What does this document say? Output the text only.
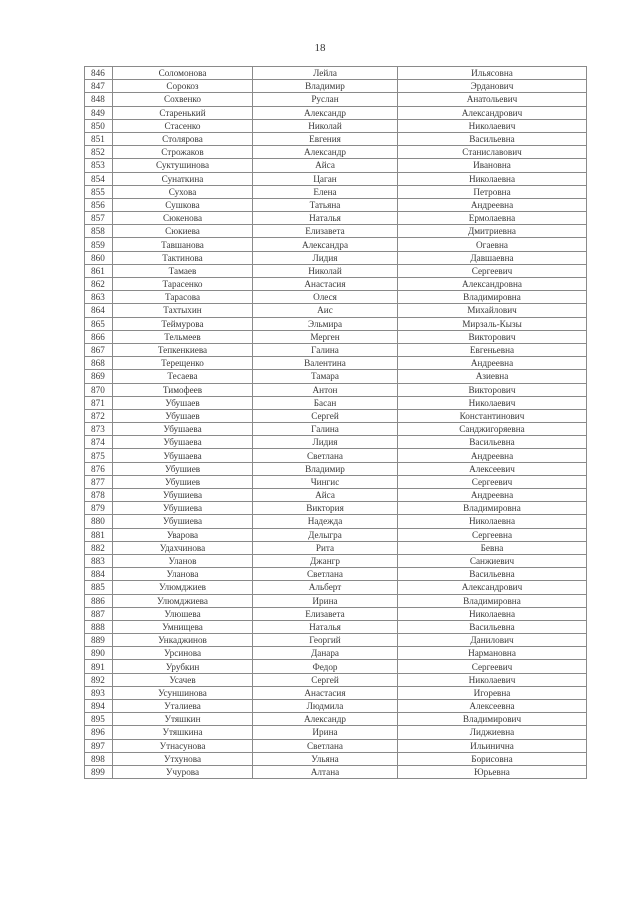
18
846	Соломонова	Лейла	Ильясовна
847	Сорокоз	Владимир	Эрданович
848	Сохвенко	Руслан	Анатольевич
849	Старенький	Александр	Александрович
850	Стасенко	Николай	Николаевич
851	Столярова	Евгения	Васильевна
852	Строжаков	Александр	Станиславович
853	Суктушинова	Айса	Ивановна
854	Сунаткина	Цаган	Николаевна
855	Сухова	Елена	Петровна
856	Сушкова	Татьяна	Андреевна
857	Сюкенова	Наталья	Ермолаевна
858	Сюкиева	Елизавета	Дмитриевна
859	Тавшанова	Александра	Огаевна
860	Тактинова	Лидия	Давшаевна
861	Тамаев	Николай	Сергеевич
862	Тарасенко	Анастасия	Александровна
863	Тарасова	Олеся	Владимировна
864	Тахтыхин	Аис	Михайлович
865	Теймурова	Эльмира	Мирзаль-Кызы
866	Тельмеев	Мерген	Викторович
867	Тепкенкиева	Галина	Евгеньевна
868	Терещенко	Валентина	Андреевна
869	Тесаева	Тамара	Азиевна
870	Тимофеев	Антон	Викторович
871	Убушаев	Басан	Николаевич
872	Убушаев	Сергей	Константинович
873	Убушаева	Галина	Санджигоряевна
874	Убушаева	Лидия	Васильевна
875	Убушаева	Светлана	Андреевна
876	Убушиев	Владимир	Алексеевич
877	Убушиев	Чингис	Сергеевич
878	Убушиева	Айса	Андреевна
879	Убушиева	Виктория	Владимировна
880	Убушиева	Надежда	Николаевна
881	Уварова	Делыгра	Сергеевна
882	Удахчинова	Рита	Бевна
883	Уланов	Джангр	Санжиевич
884	Уланова	Светлана	Васильевна
885	Улюмджиев	Альберт	Александрович
886	Улюмджиева	Ирина	Владимировна
887	Улюшева	Елизавета	Николаевна
888	Умнищева	Наталья	Васильевна
889	Ункаджинов	Георгий	Данилович
890	Урсинова	Данара	Нармановна
891	Урубкин	Федор	Сергеевич
892	Усачев	Сергей	Николаевич
893	Усуншинова	Анастасия	Игоревна
894	Уталиева	Людмила	Алексеевна
895	Утяшкин	Александр	Владимирович
896	Утяшкина	Ирина	Лиджиевна
897	Утнасунова	Светлана	Ильинична
898	Утхунова	Ульяна	Борисовна
899	Учурова	Алтана	Юрьевна
